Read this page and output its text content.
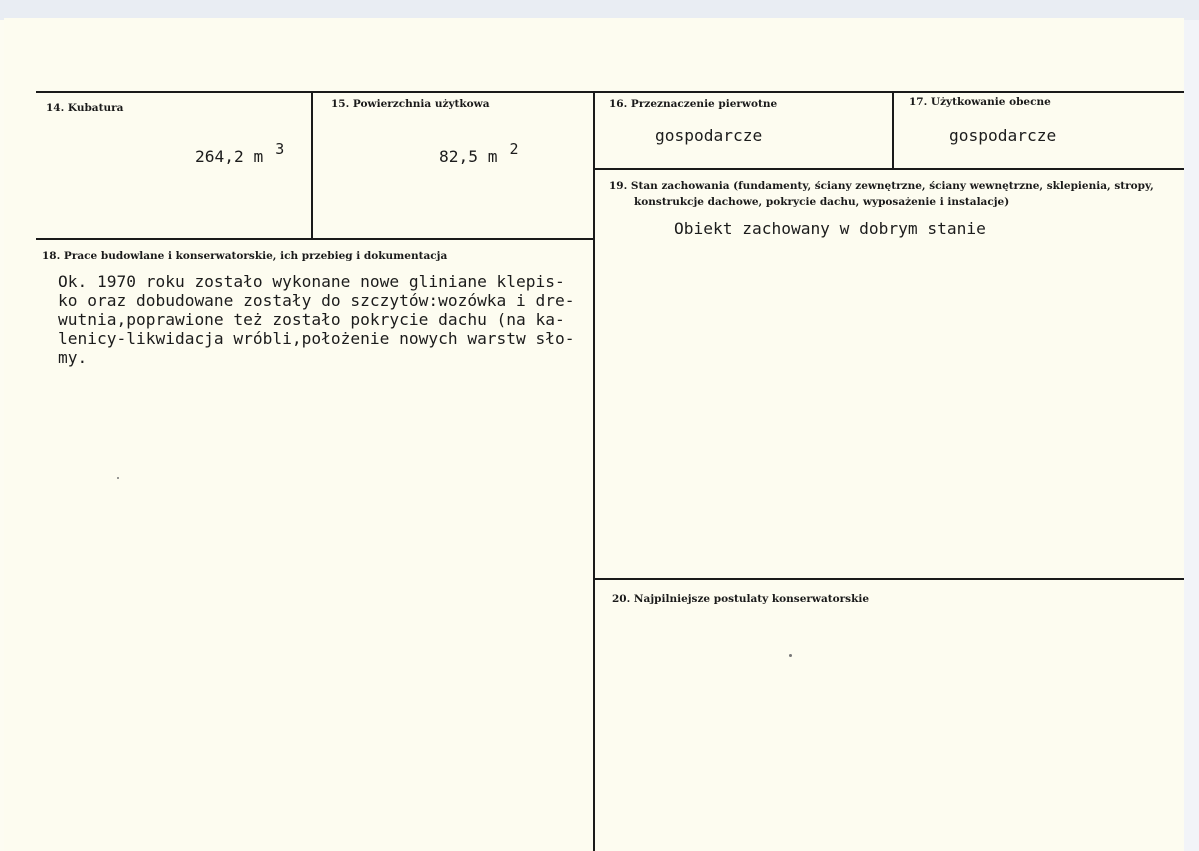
14. Kubatura

264,2 m 3

15. Powierzchnia użytkowa

82,5 m 2

16. Przeznaczenie pierwotne
gospodarcze
17. Użytkowanie obecne
gospodarcze
19. Stan zachowania (fundamenty, ściany zewnętrzne, ściany wewnętrzne, sklepienia, stropy,
konstrukcje dachowe, pokrycie dachu, wyposażenie i instalacje)
Obiekt zachowany w dobrym stanie
18. Prace budowlane i konserwatorskie, ich przebieg i dokumentacja
Ok. 1970 roku zostało wykonane nowe gliniane klepis-
ko oraz dobudowane zostały do szczytów:wozówka i dre-
wutnia,poprawione też zostało pokrycie dachu (na ka-
lenicy-likwidacja wróbli,położenie nowych warstw sło-
my.
20. Najpilniejsze postulaty konserwatorskie
